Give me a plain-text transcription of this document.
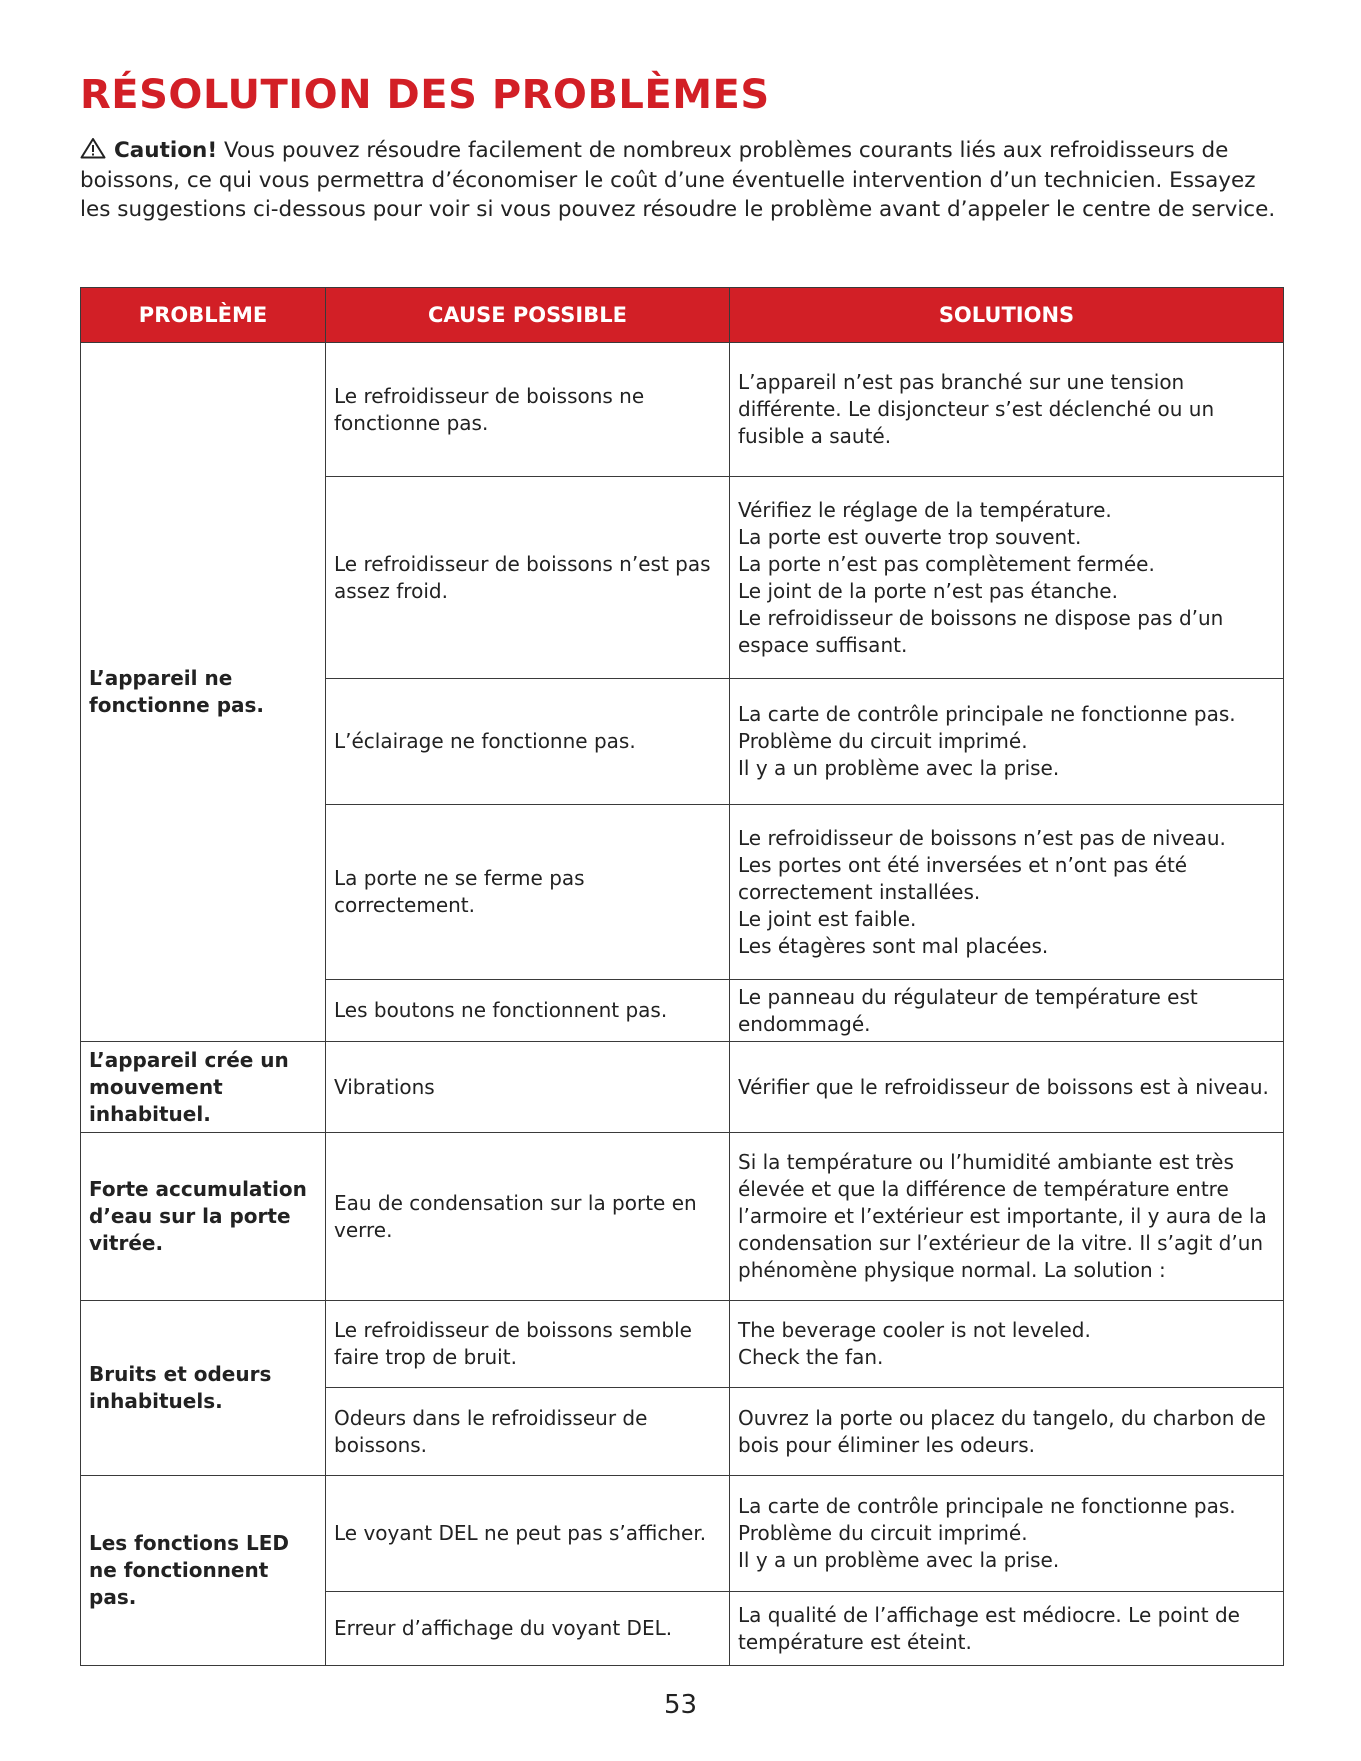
RÉSOLUTION DES PROBLÈMES

Caution! Vous pouvez résoudre facilement de nombreux problèmes courants liés aux refroidisseurs de boissons, ce qui vous permettra d’économiser le coût d’une éventuelle intervention d’un technicien. Essayez les suggestions ci-dessous pour voir si vous pouvez résoudre le problème avant d’appeler le centre de service.

PROBLÈME	CAUSE POSSIBLE	SOLUTIONS
L’appareil ne fonctionne pas.	Le refroidisseur de boissons ne fonctionne pas.	L’appareil n’est pas branché sur une tension différente. Le disjoncteur s’est déclenché ou un fusible a sauté.
	Le refroidisseur de boissons n’est pas assez froid.	Vérifiez le réglage de la température.
La porte est ouverte trop souvent.
La porte n’est pas complètement fermée.
Le joint de la porte n’est pas étanche.
Le refroidisseur de boissons ne dispose pas d’un espace suffisant.
	L’éclairage ne fonctionne pas.	La carte de contrôle principale ne fonctionne pas.
Problème du circuit imprimé.
Il y a un problème avec la prise.
	La porte ne se ferme pas correctement.	Le refroidisseur de boissons n’est pas de niveau.
Les portes ont été inversées et n’ont pas été correctement installées.
Le joint est faible.
Les étagères sont mal placées.
	Les boutons ne fonctionnent pas.	Le panneau du régulateur de température est endommagé.
L’appareil crée un mouvement inhabituel.	Vibrations	Vérifier que le refroidisseur de boissons est à niveau.
Forte accumulation d’eau sur la porte vitrée.	Eau de condensation sur la porte en verre.	Si la température ou l’humidité ambiante est très élevée et que la différence de température entre l’armoire et l’extérieur est importante, il y aura de la condensation sur l’extérieur de la vitre. Il s’agit d’un phénomène physique normal. La solution :
Bruits et odeurs inhabituels.	Le refroidisseur de boissons semble faire trop de bruit.	The beverage cooler is not leveled.
Check the fan.
	Odeurs dans le refroidisseur de boissons.	Ouvrez la porte ou placez du tangelo, du charbon de bois pour éliminer les odeurs.
Les fonctions LED ne fonctionnent pas.	Le voyant DEL ne peut pas s’afficher.	La carte de contrôle principale ne fonctionne pas.
Problème du circuit imprimé.
Il y a un problème avec la prise.
	Erreur d’affichage du voyant DEL.	La qualité de l’affichage est médiocre. Le point de température est éteint.
53
